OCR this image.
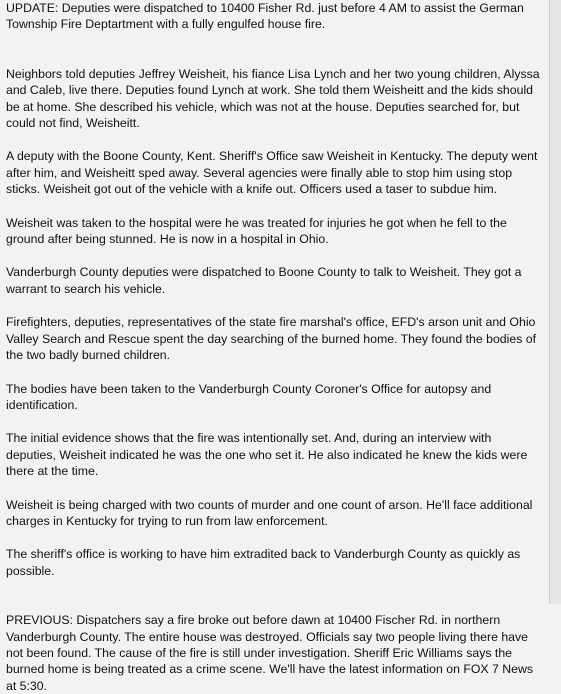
UPDATE: Deputies were dispatched to 10400 Fisher Rd. just before 4 AM to assist the German Township Fire Deptartment with a fully engulfed house fire.

Neighbors told deputies Jeffrey Weisheit, his fiance Lisa Lynch and her two young children, Alyssa and Caleb, live there. Deputies found Lynch at work. She told them Weisheitt and the kids should be at home. She described his vehicle, which was not at the house. Deputies searched for, but could not find, Weisheitt.

A deputy with the Boone County, Kent. Sheriff's Office saw Weisheit in Kentucky. The deputy went after him, and Weisheitt sped away. Several agencies were finally able to stop him using stop sticks. Weisheit got out of the vehicle with a knife out. Officers used a taser to subdue him.

Weisheit was taken to the hospital were he was treated for injuries he got when he fell to the ground after being stunned. He is now in a hospital in Ohio.

Vanderburgh County deputies were dispatched to Boone County to talk to Weisheit. They got a warrant to search his vehicle.

Firefighters, deputies, representatives of the state fire marshal's office, EFD's arson unit and Ohio Valley Search and Rescue spent the day searching of the burned home. They found the bodies of the two badly burned children.

The bodies have been taken to the Vanderburgh County Coroner's Office for autopsy and identification.

The initial evidence shows that the fire was intentionally set. And, during an interview with deputies, Weisheit indicated he was the one who set it. He also indicated he knew the kids were there at the time.

Weisheit is being charged with two counts of murder and one count of arson. He'll face additional charges in Kentucky for trying to run from law enforcement.

The sheriff's office is working to have him extradited back to Vanderburgh County as quickly as possible.

PREVIOUS: Dispatchers say a fire broke out before dawn at 10400 Fischer Rd. in northern Vanderburgh County. The entire house was destroyed. Officials say two people living there have not been found. The cause of the fire is still under investigation. Sheriff Eric Williams says the burned home is being treated as a crime scene. We'll have the latest information on FOX 7 News at 5:30.
